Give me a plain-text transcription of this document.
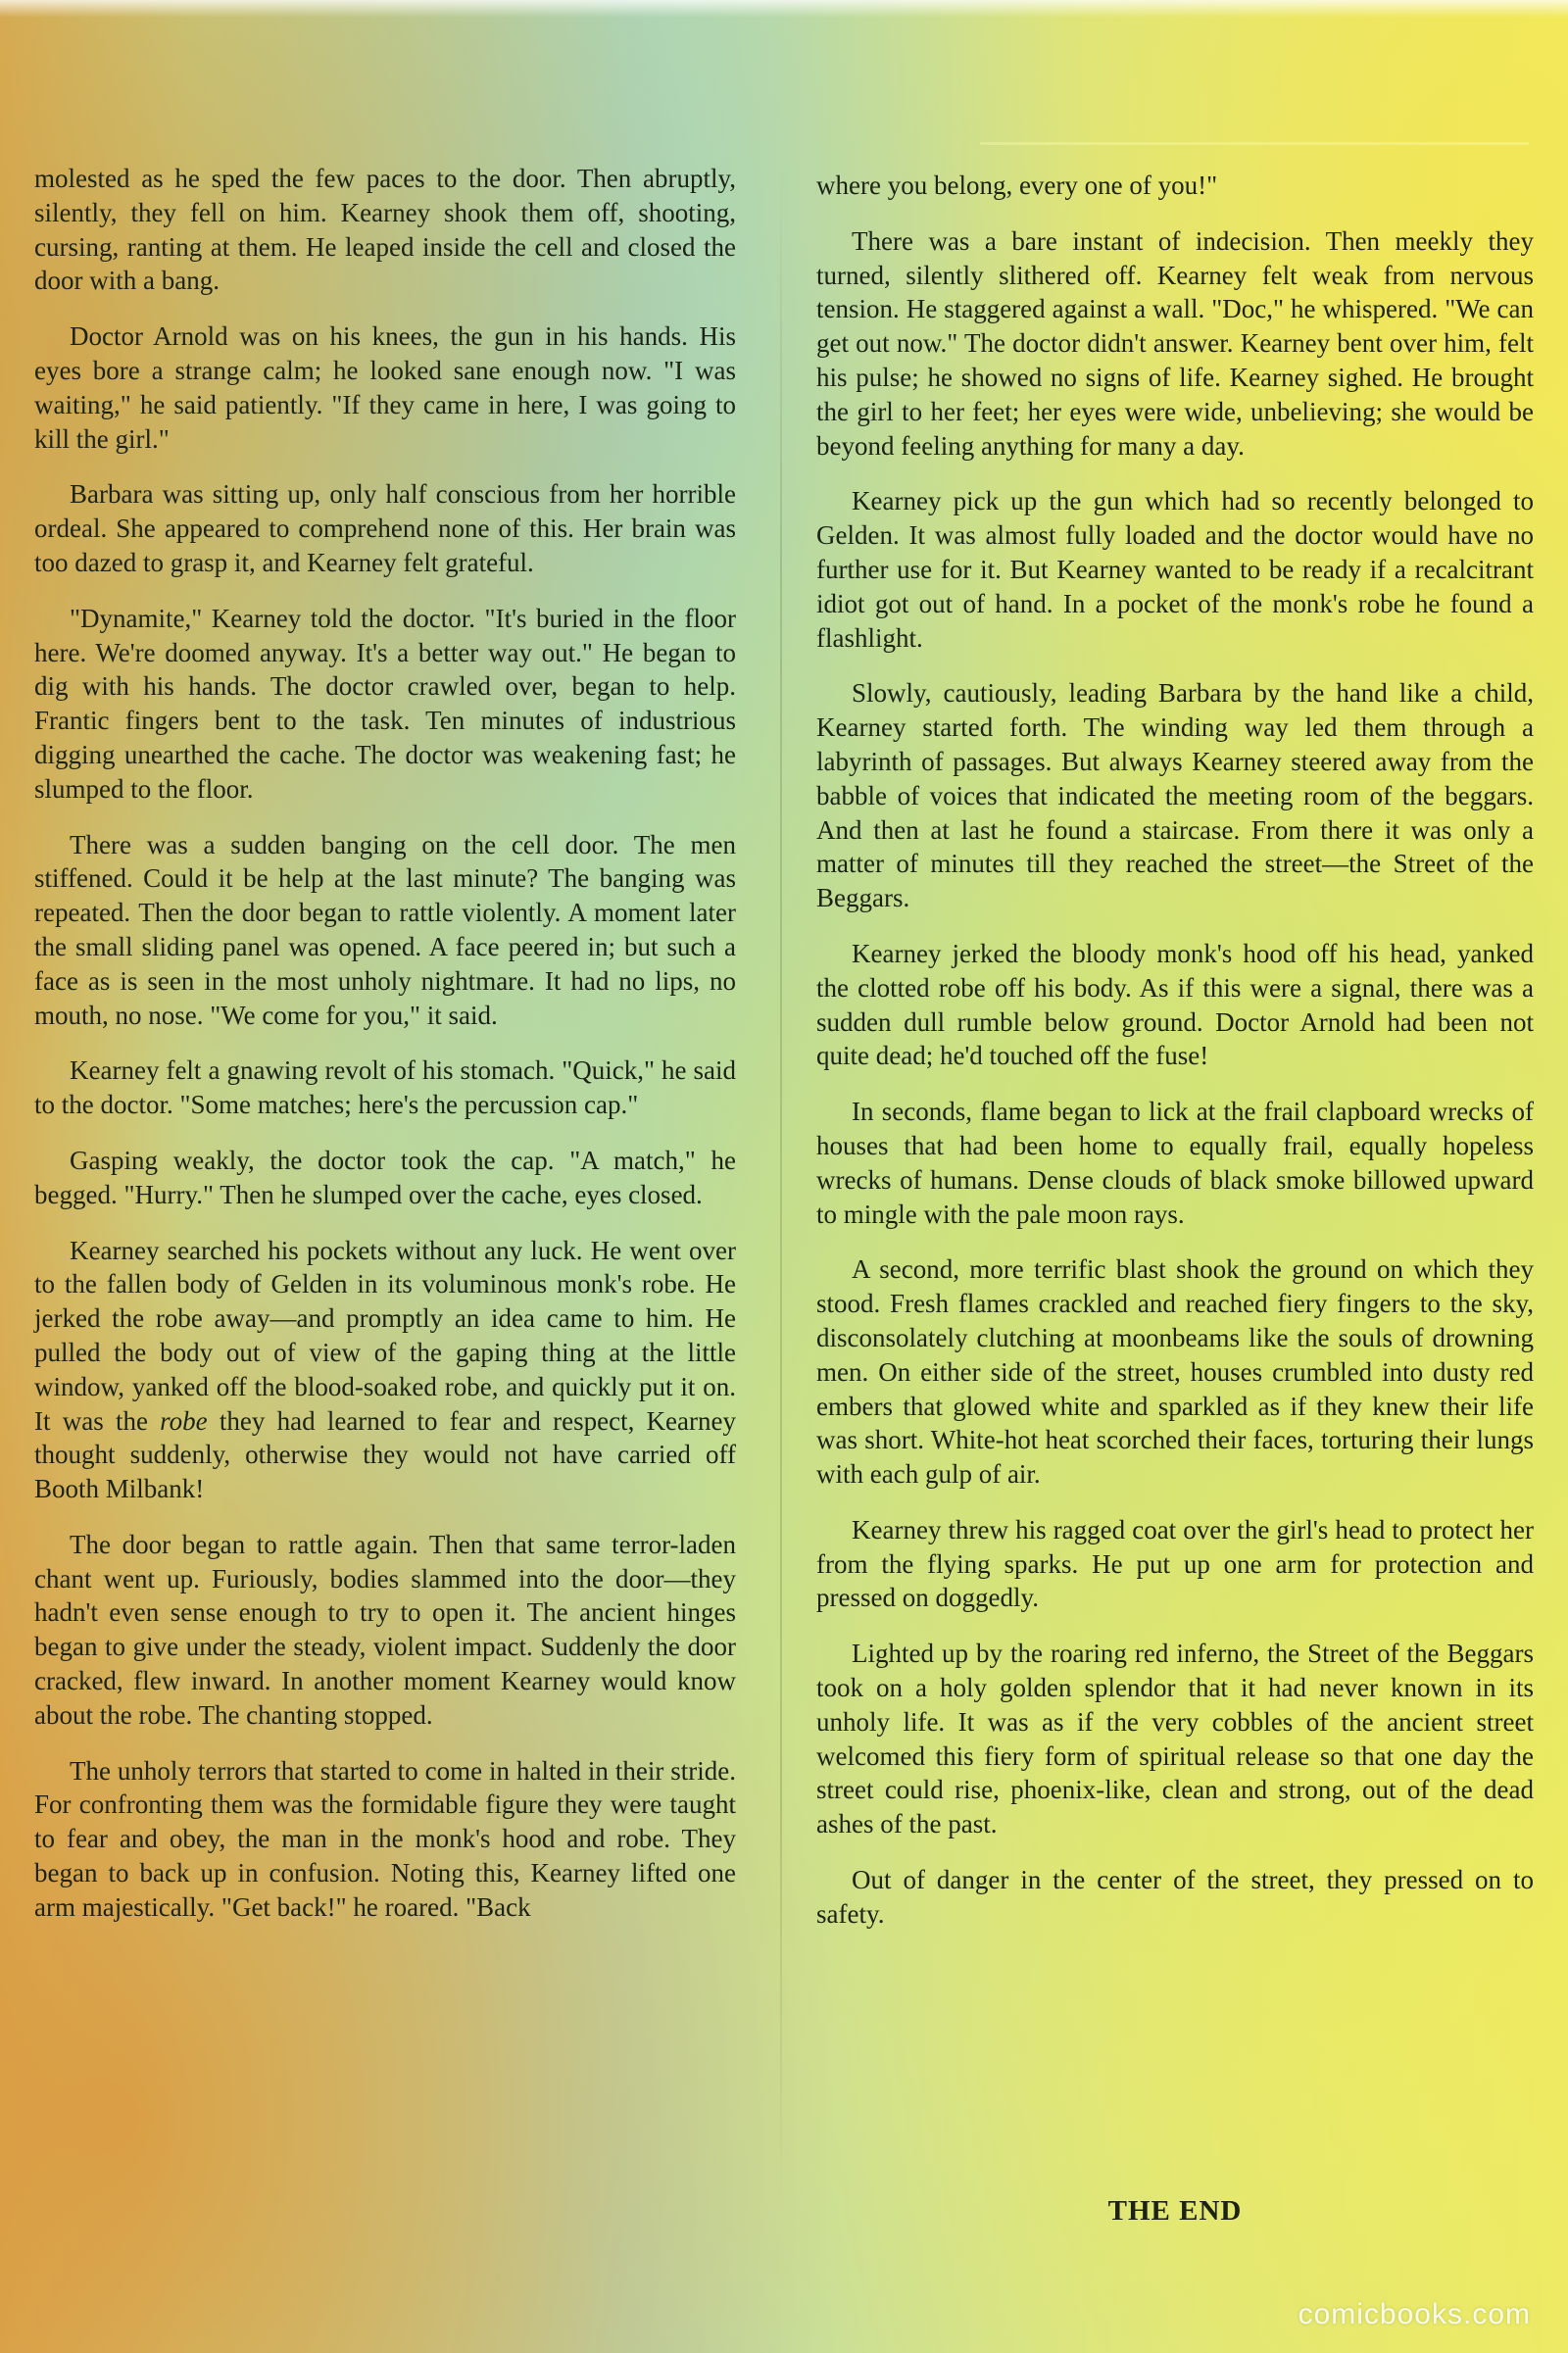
molested as he sped the few paces to the door. Then abruptly, silently, they fell on him. Kearney shook them off, shooting, cursing, ranting at them. He leaped inside the cell and closed the door with a bang.

Doctor Arnold was on his knees, the gun in his hands. His eyes bore a strange calm; he looked sane enough now. "I was waiting," he said patiently. "If they came in here, I was going to kill the girl."

Barbara was sitting up, only half conscious from her horrible ordeal. She appeared to comprehend none of this. Her brain was too dazed to grasp it, and Kearney felt grateful.

"Dynamite," Kearney told the doctor. "It's buried in the floor here. We're doomed anyway. It's a better way out." He began to dig with his hands. The doctor crawled over, began to help. Frantic fingers bent to the task. Ten minutes of industrious digging unearthed the cache. The doctor was weakening fast; he slumped to the floor.

There was a sudden banging on the cell door. The men stiffened. Could it be help at the last minute? The banging was repeated. Then the door began to rattle violently. A moment later the small sliding panel was opened. A face peered in; but such a face as is seen in the most unholy nightmare. It had no lips, no mouth, no nose. "We come for you," it said.

Kearney felt a gnawing revolt of his stomach. "Quick," he said to the doctor. "Some matches; here's the percussion cap."

Gasping weakly, the doctor took the cap. "A match," he begged. "Hurry." Then he slumped over the cache, eyes closed.

Kearney searched his pockets without any luck. He went over to the fallen body of Gelden in its voluminous monk's robe. He jerked the robe away—and promptly an idea came to him. He pulled the body out of view of the gaping thing at the little window, yanked off the blood-soaked robe, and quickly put it on. It was the robe they had learned to fear and respect, Kearney thought suddenly, otherwise they would not have carried off Booth Milbank!

The door began to rattle again. Then that same terror-laden chant went up. Furiously, bodies slammed into the door—they hadn't even sense enough to try to open it. The ancient hinges began to give under the steady, violent impact. Suddenly the door cracked, flew inward. In another moment Kearney would know about the robe. The chanting stopped.

The unholy terrors that started to come in halted in their stride. For confronting them was the formidable figure they were taught to fear and obey, the man in the monk's hood and robe. They began to back up in confusion. Noting this, Kearney lifted one arm majestically. "Get back!" he roared. "Back

where you belong, every one of you!"

There was a bare instant of indecision. Then meekly they turned, silently slithered off. Kearney felt weak from nervous tension. He staggered against a wall. "Doc," he whispered. "We can get out now." The doctor didn't answer. Kearney bent over him, felt his pulse; he showed no signs of life. Kearney sighed. He brought the girl to her feet; her eyes were wide, unbelieving; she would be beyond feeling anything for many a day.

Kearney pick up the gun which had so recently belonged to Gelden. It was almost fully loaded and the doctor would have no further use for it. But Kearney wanted to be ready if a recalcitrant idiot got out of hand. In a pocket of the monk's robe he found a flashlight.

Slowly, cautiously, leading Barbara by the hand like a child, Kearney started forth. The winding way led them through a labyrinth of passages. But always Kearney steered away from the babble of voices that indicated the meeting room of the beggars. And then at last he found a staircase. From there it was only a matter of minutes till they reached the street—the Street of the Beggars.

Kearney jerked the bloody monk's hood off his head, yanked the clotted robe off his body. As if this were a signal, there was a sudden dull rumble below ground. Doctor Arnold had been not quite dead; he'd touched off the fuse!

In seconds, flame began to lick at the frail clapboard wrecks of houses that had been home to equally frail, equally hopeless wrecks of humans. Dense clouds of black smoke billowed upward to mingle with the pale moon rays.

A second, more terrific blast shook the ground on which they stood. Fresh flames crackled and reached fiery fingers to the sky, disconsolately clutching at moonbeams like the souls of drowning men. On either side of the street, houses crumbled into dusty red embers that glowed white and sparkled as if they knew their life was short. White-hot heat scorched their faces, torturing their lungs with each gulp of air.

Kearney threw his ragged coat over the girl's head to protect her from the flying sparks. He put up one arm for protection and pressed on doggedly.

Lighted up by the roaring red inferno, the Street of the Beggars took on a holy golden splendor that it had never known in its unholy life. It was as if the very cobbles of the ancient street welcomed this fiery form of spiritual release so that one day the street could rise, phoenix-like, clean and strong, out of the dead ashes of the past.

Out of danger in the center of the street, they pressed on to safety.

THE END
comicbooks.com
